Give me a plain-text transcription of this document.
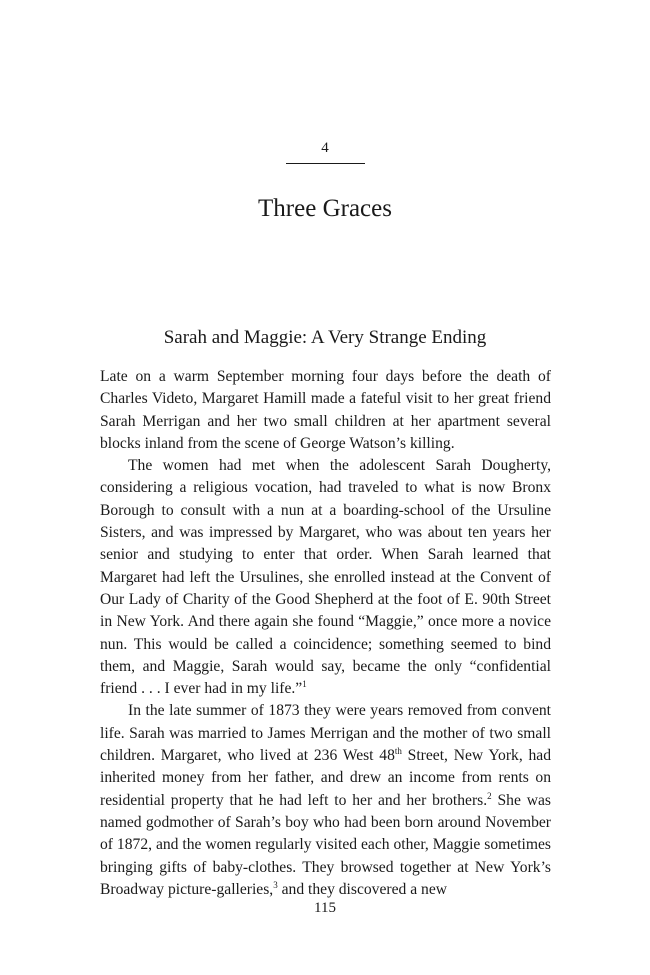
4
Three Graces
Sarah and Maggie: A Very Strange Ending

Late on a warm September morning four days before the death of Charles Videto, Margaret Hamill made a fateful visit to her great friend Sarah Merrigan and her two small children at her apartment several blocks inland from the scene of George Watson’s killing.

The women had met when the adolescent Sarah Dougherty, considering a religious vocation, had traveled to what is now Bronx Borough to consult with a nun at a boarding-school of the Ursuline Sisters, and was impressed by Margaret, who was about ten years her senior and studying to enter that order. When Sarah learned that Margaret had left the Ursulines, she enrolled instead at the Convent of Our Lady of Charity of the Good Shepherd at the foot of E. 90th Street in New York. And there again she found “Maggie,” once more a novice nun. This would be called a coincidence; something seemed to bind them, and Maggie, Sarah would say, became the only “confidential friend . . . I ever had in my life.”$^1$

In the late summer of 1873 they were years removed from convent life. Sarah was married to James Merrigan and the mother of two small children. Margaret, who lived at 236 West 48th Street, New York, had inherited money from her father, and drew an income from rents on residential property that he had left to her and her brothers.$^2$ She was named godmother of Sarah’s boy who had been born around November of 1872, and the women regularly visited each other, Maggie sometimes bringing gifts of baby-clothes. They browsed together at New York’s Broadway picture-galleries,$^3$ and they discovered a new

115
